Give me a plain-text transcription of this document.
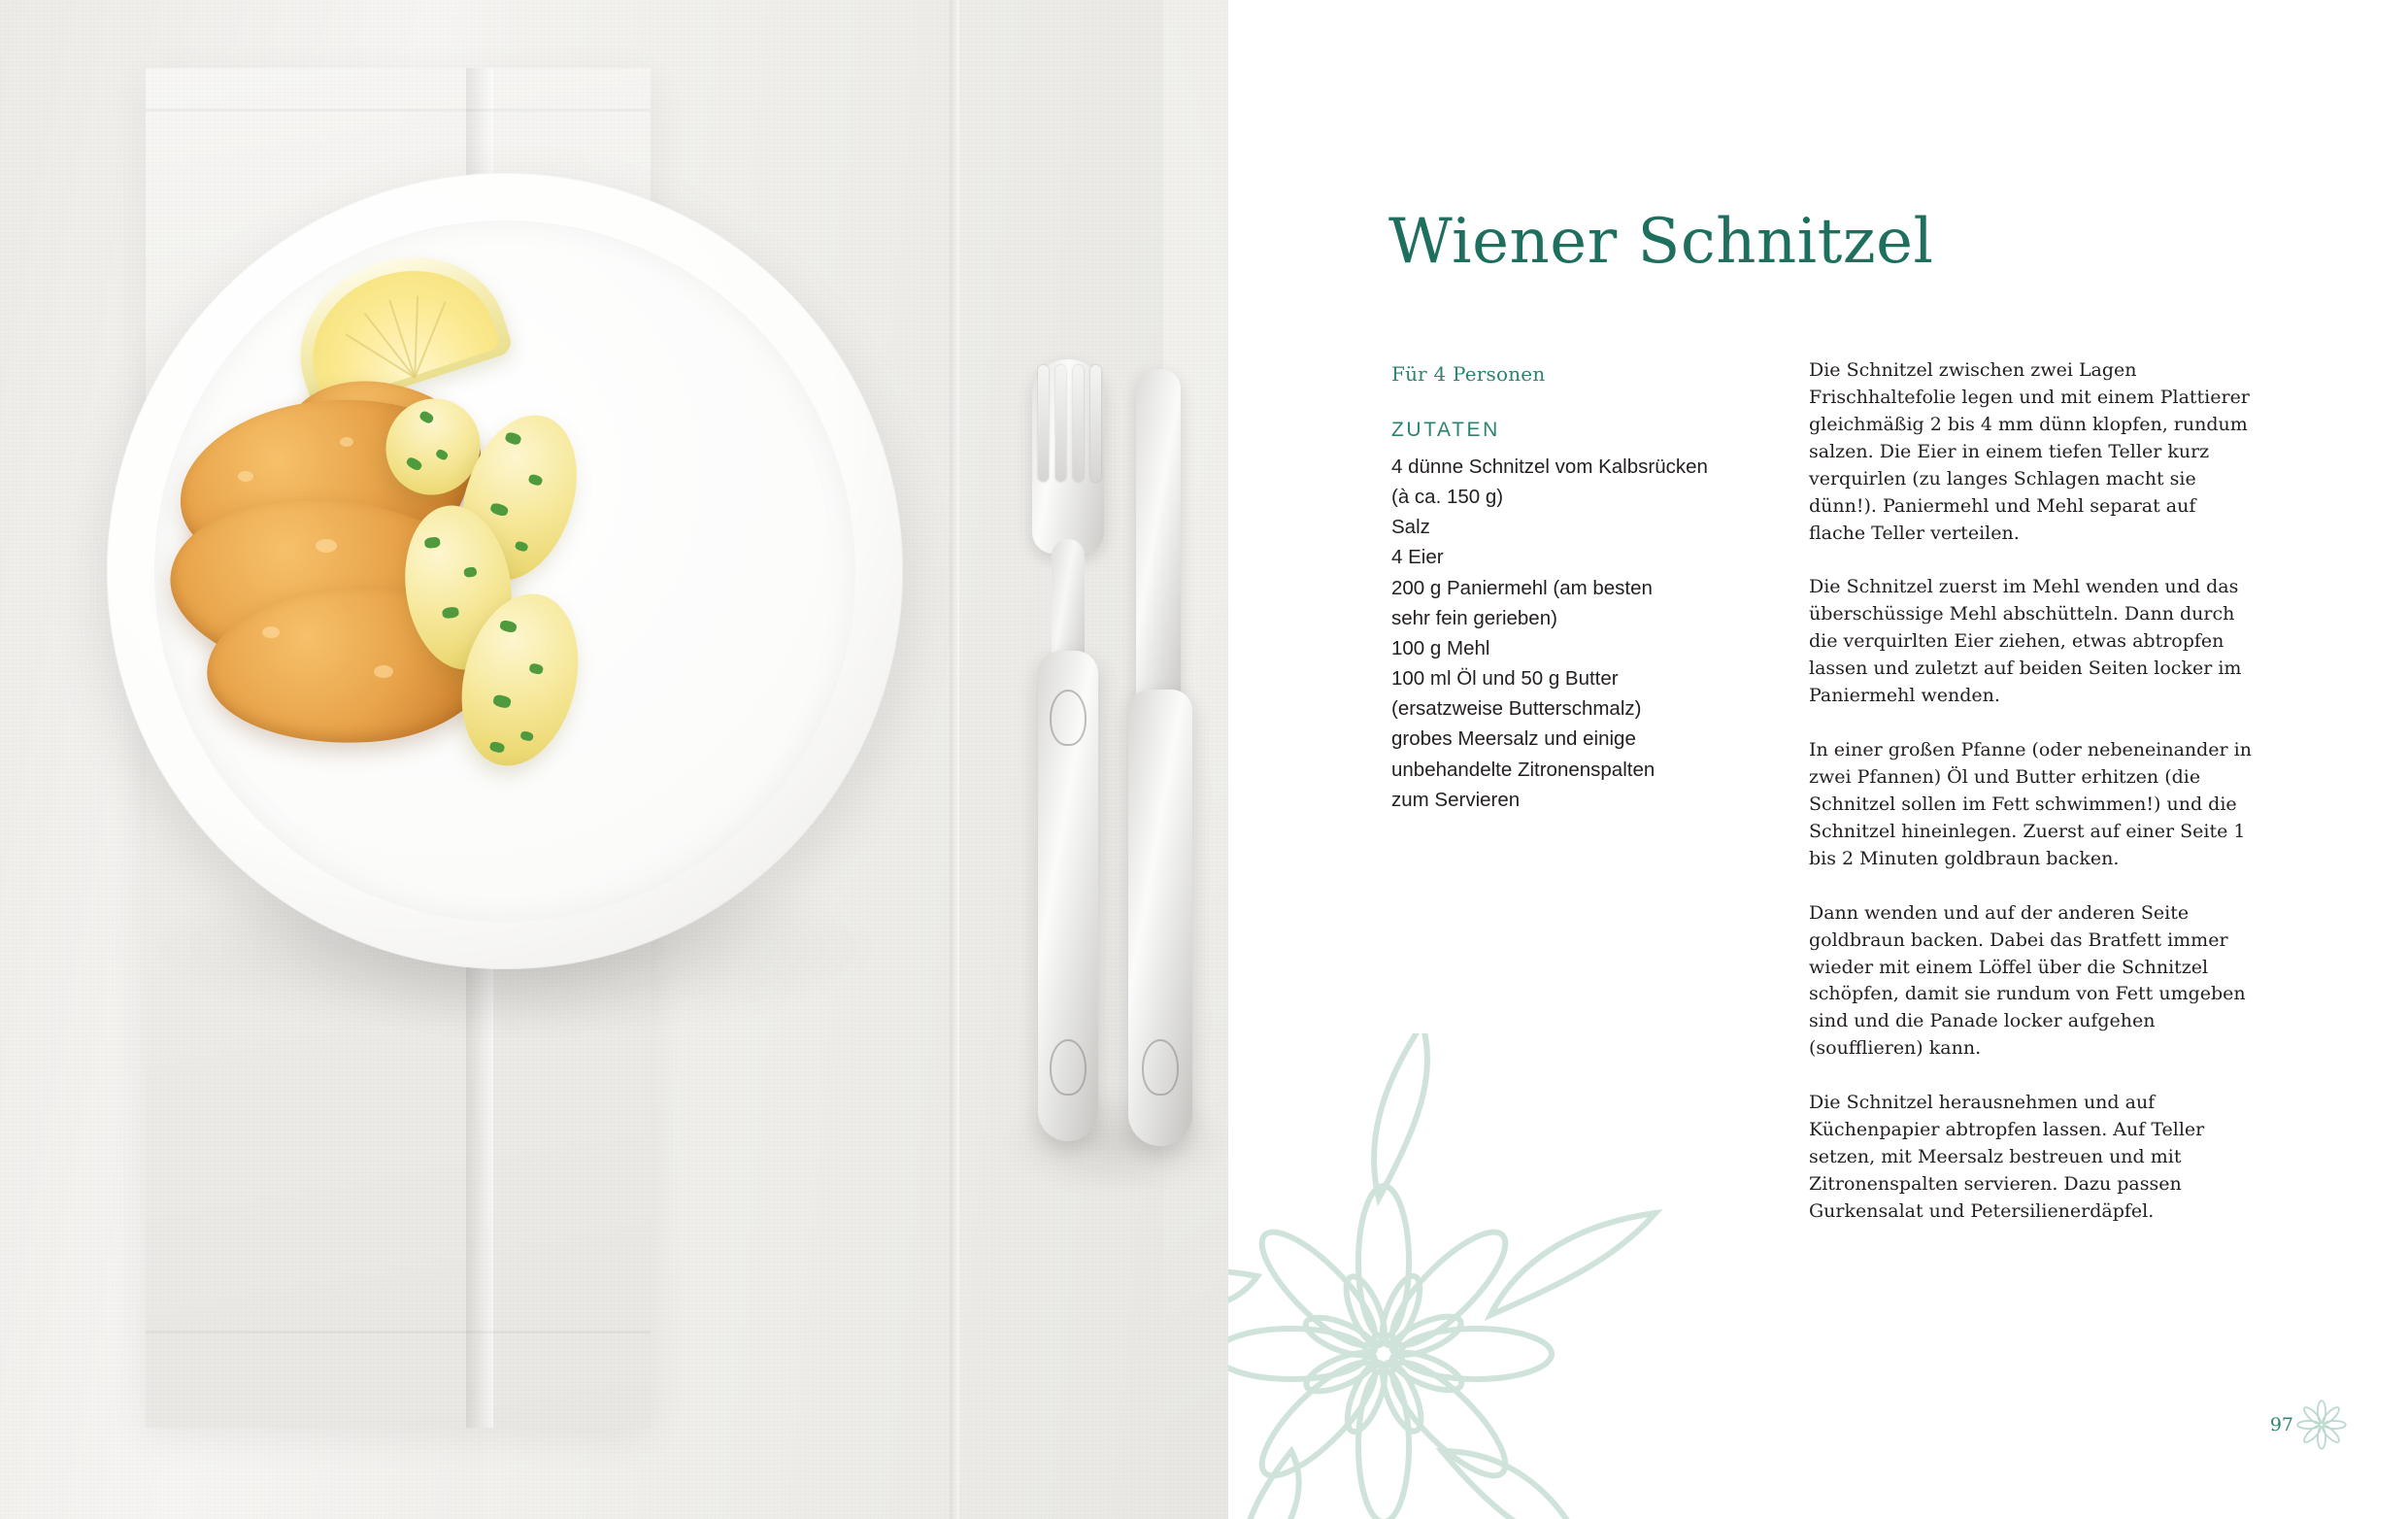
Wiener Schnitzel

Für 4 Personen

ZUTATEN

4 dünne Schnitzel vom Kalbsrücken
(à ca. 150 g)
Salz
4 Eier
200 g Paniermehl (am besten
sehr fein gerieben)
100 g Mehl
100 ml Öl und 50 g Butter
(ersatzweise Butterschmalz)
grobes Meersalz und einige
unbehandelte Zitronenspalten
zum Servieren

Die Schnitzel zwischen zwei Lagen Frischhaltefolie legen und mit einem Plattierer gleichmäßig 2 bis 4 mm dünn klopfen, rundum salzen. Die Eier in einem tiefen Teller kurz verquirlen (zu langes Schlagen macht sie dünn!). Paniermehl und Mehl separat auf flache Teller verteilen.

Die Schnitzel zuerst im Mehl wenden und das überschüssige Mehl abschütteln. Dann durch die verquirlten Eier ziehen, etwas abtropfen lassen und zuletzt auf beiden Seiten locker im Paniermehl wenden.

In einer großen Pfanne (oder nebeneinander in zwei Pfannen) Öl und Butter erhitzen (die Schnitzel sollen im Fett schwimmen!) und die Schnitzel hineinlegen. Zuerst auf einer Seite 1 bis 2 Minuten goldbraun backen.

Dann wenden und auf der anderen Seite goldbraun backen. Dabei das Bratfett immer wieder mit einem Löffel über die Schnitzel schöpfen, damit sie rundum von Fett umgeben sind und die Panade locker aufgehen (soufflieren) kann.

Die Schnitzel herausnehmen und auf Küchenpapier abtropfen lassen. Auf Teller setzen, mit Meersalz bestreuen und mit Zitronenspalten servieren. Dazu passen Gurkensalat und Petersilienerdäpfel.

97
